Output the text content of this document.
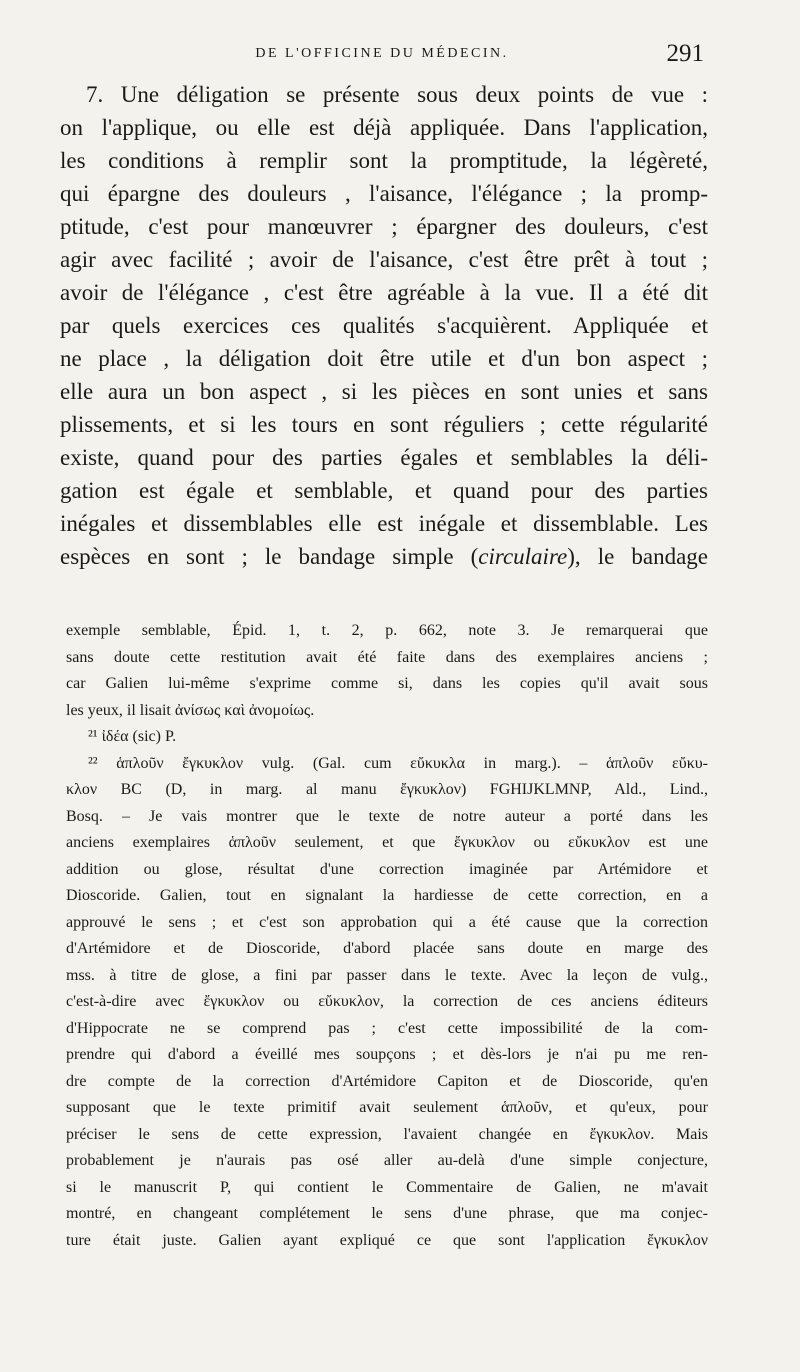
DE L'OFFICINE DU MÉDECIN.	291
7. Une déligation se présente sous deux points de vue :
on l'applique, ou elle est déjà appliquée. Dans l'application,
les conditions à remplir sont la promptitude, la légèreté,
qui épargne des douleurs , l'aisance, l'élégance ; la promp-
ptitude, c'est pour manœuvrer ; épargner des douleurs, c'est
agir avec facilité ; avoir de l'aisance, c'est être prêt à tout ;
avoir de l'élégance , c'est être agréable à la vue. Il a été dit
par quels exercices ces qualités s'acquièrent. Appliquée et
ne place , la déligation doit être utile et d'un bon aspect ;
elle aura un bon aspect , si les pièces en sont unies et sans
plissements, et si les tours en sont réguliers ; cette régularité
existe, quand pour des parties égales et semblables la déli-
gation est égale et semblable, et quand pour des parties
inégales et dissemblables elle est inégale et dissemblable. Les
espèces en sont ; le bandage simple (circulaire), le bandage
exemple semblable, Épid. 1, t. 2, p. 662, note 3. Je remarquerai que
sans doute cette restitution avait été faite dans des exemplaires anciens ;
car Galien lui-même s'exprime comme si, dans les copies qu'il avait sous
les yeux, il lisait ἀνίσως καὶ ἀνομοίως.
²¹ ἰδέα (sic) P.
²² ἁπλοῦν ἔγκυκλον vulg. (Gal. cum εὔκυκλα in marg.). – ἁπλοῦν εὔκυ-
κλον BC (D, in marg. al manu ἔγκυκλον) FGHIJKLMNP, Ald., Lind.,
Bosq. – Je vais montrer que le texte de notre auteur a porté dans les
anciens exemplaires ἁπλοῦν seulement, et que ἔγκυκλον ou εὔκυκλον est une
addition ou glose, résultat d'une correction imaginée par Artémidore et
Dioscoride. Galien, tout en signalant la hardiesse de cette correction, en a
approuvé le sens ; et c'est son approbation qui a été cause que la correction
d'Artémidore et de Dioscoride, d'abord placée sans doute en marge des
mss. à titre de glose, a fini par passer dans le texte. Avec la leçon de vulg.,
c'est-à-dire avec ἔγκυκλον ou εὔκυκλον, la correction de ces anciens éditeurs
d'Hippocrate ne se comprend pas ; c'est cette impossibilité de la com-
prendre qui d'abord a éveillé mes soupçons ; et dès-lors je n'ai pu me ren-
dre compte de la correction d'Artémidore Capiton et de Dioscoride, qu'en
supposant que le texte primitif avait seulement ἁπλοῦν, et qu'eux, pour
préciser le sens de cette expression, l'avaient changée en ἔγκυκλον. Mais
probablement je n'aurais pas osé aller au-delà d'une simple conjecture,
si le manuscrit P, qui contient le Commentaire de Galien, ne m'avait
montré, en changeant complétement le sens d'une phrase, que ma conjec-
ture était juste. Galien ayant expliqué ce que sont l'application ἔγκυκλον
